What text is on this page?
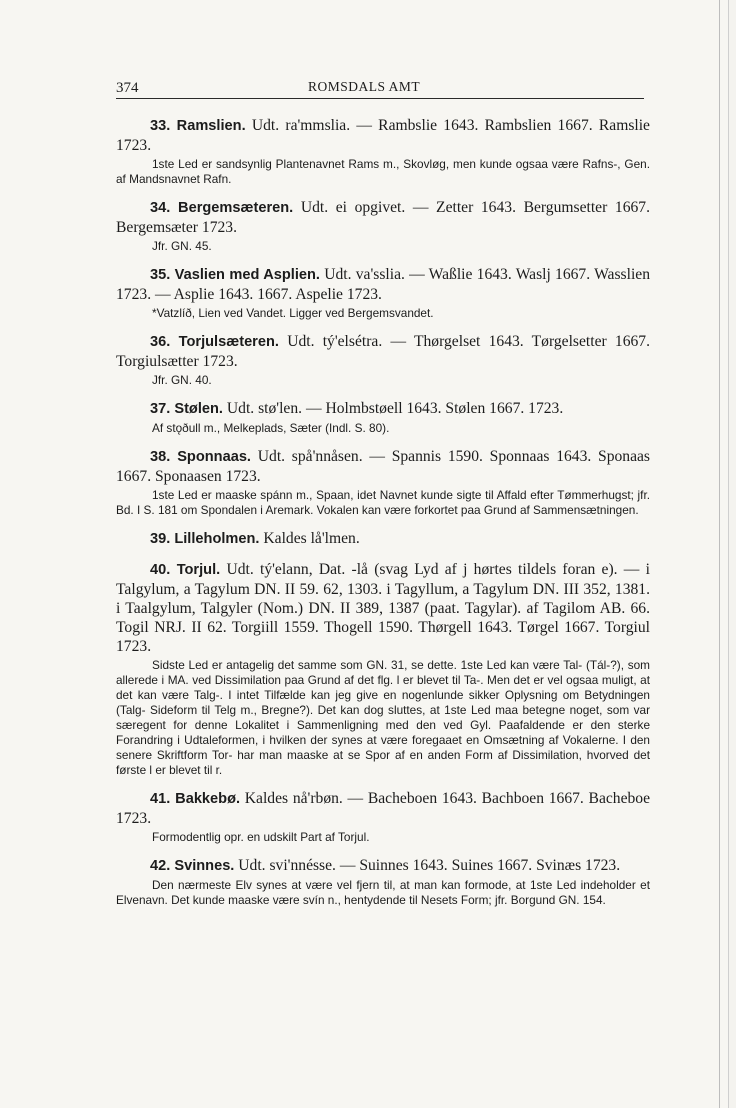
374	ROMSDALS AMT

33. Ramslien. Udt. ra'mmslia. — Rambslie 1643. Rambslien 1667. Ramslie 1723.

1ste Led er sandsynlig Plantenavnet Rams m., Skovløg, men kunde ogsaa være Rafns-, Gen. af Mandsnavnet Rafn.

34. Bergemsæteren. Udt. ei opgivet. — Zetter 1643. Bergumsetter 1667. Bergemsæter 1723.

Jfr. GN. 45.

35. Vaslien med Asplien. Udt. va'sslia. — Waßlie 1643. Waslj 1667. Wasslien 1723. — Asplie 1643. 1667. Aspelie 1723.

*Vatzlíð, Lien ved Vandet. Ligger ved Bergemsvandet.

36. Torjulsæteren. Udt. tý'elsétra. — Thørgelset 1643. Tørgelsetter 1667. Torgiulsætter 1723.

Jfr. GN. 40.

37. Stølen. Udt. stø'len. — Holmbstøell 1643. Stølen 1667. 1723.

Af stǫðull m., Melkeplads, Sæter (Indl. S. 80).

38. Sponnaas. Udt. spå'nnåsen. — Spannis 1590. Sponnaas 1643. Sponaas 1667. Sponaasen 1723.

1ste Led er maaske spánn m., Spaan, idet Navnet kunde sigte til Affald efter Tømmerhugst; jfr. Bd. I S. 181 om Spondalen i Aremark. Vokalen kan være forkortet paa Grund af Sammensætningen.

39. Lilleholmen. Kaldes lå'lmen.

40. Torjul. Udt. tý'elann, Dat. -lå (svag Lyd af j hørtes tildels foran e). — i Talgylum, a Tagylum DN. II 59. 62, 1303. i Tagyllum, a Tagylum DN. III 352, 1381. i Taalgylum, Talgyler (Nom.) DN. II 389, 1387 (paat. Tagylar). af Tagilom AB. 66. Togil NRJ. II 62. Torgiill 1559. Thogell 1590. Thørgell 1643. Tørgel 1667. Torgiul 1723.

Sidste Led er antagelig det samme som GN. 31, se dette. 1ste Led kan være Tal- (Tál-?), som allerede i MA. ved Dissimilation paa Grund af det flg. l er blevet til Ta-. Men det er vel ogsaa muligt, at det kan være Talg-. I intet Tilfælde kan jeg give en nogenlunde sikker Oplysning om Betydningen (Talg- Sideform til Telg m., Bregne?). Det kan dog sluttes, at 1ste Led maa betegne noget, som var særegent for denne Lokalitet i Sammenligning med den ved Gyl. Paafaldende er den sterke Forandring i Udtaleformen, i hvilken der synes at være foregaaet en Omsætning af Vokalerne. I den senere Skriftform Tor- har man maaske at se Spor af en anden Form af Dissimilation, hvorved det første l er blevet til r.

41. Bakkebø. Kaldes nå'rbøn. — Bacheboen 1643. Bachboen 1667. Bacheboe 1723.

Formodentlig opr. en udskilt Part af Torjul.

42. Svinnes. Udt. svi'nnésse. — Suinnes 1643. Suines 1667. Svinæs 1723.

Den nærmeste Elv synes at være vel fjern til, at man kan formode, at 1ste Led indeholder et Elvenavn. Det kunde maaske være svín n., hentydende til Nesets Form; jfr. Borgund GN. 154.
